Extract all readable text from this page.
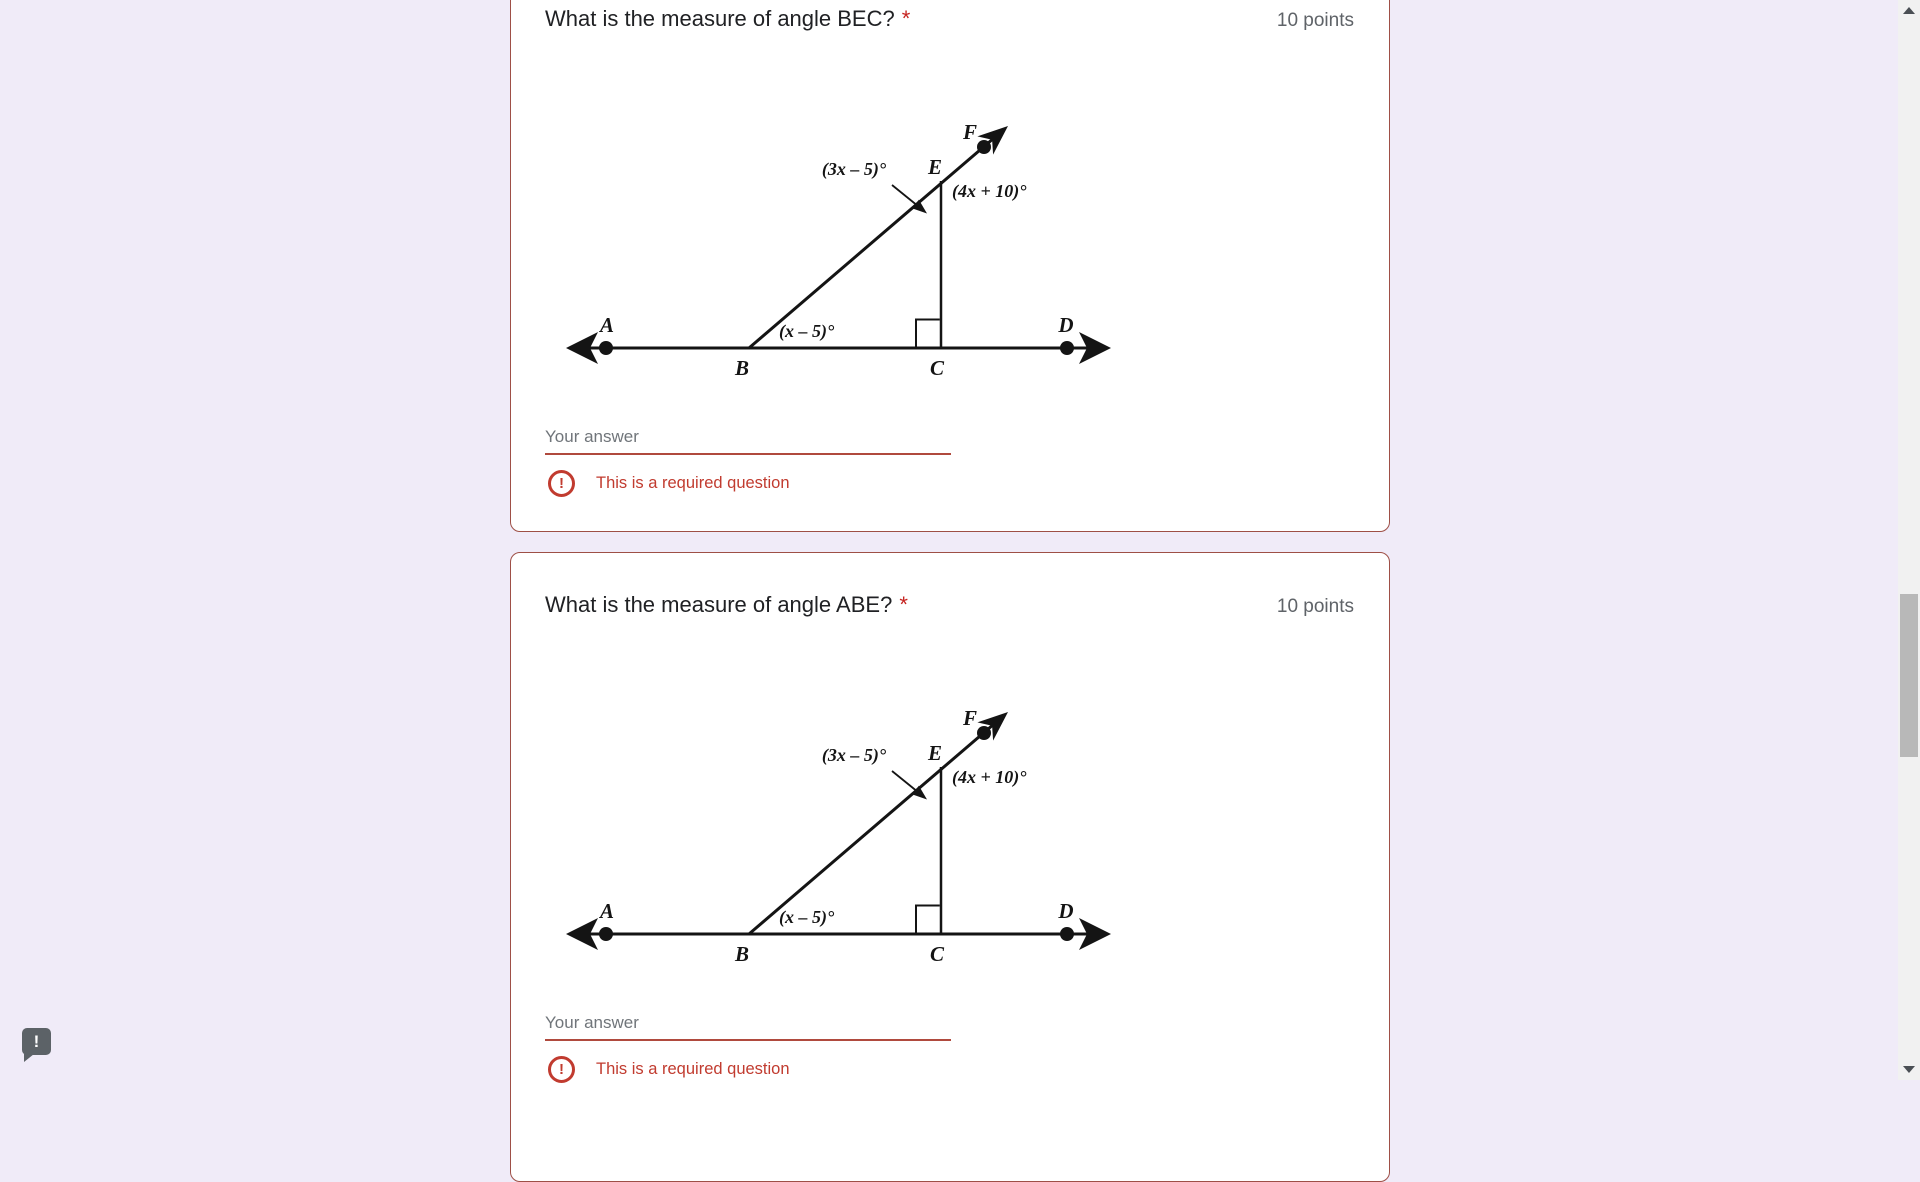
What is the measure of angle BEC? *	10 points
A
B	C
D
E
F
(3x – 5)°
(4x + 10)°
(x – 5)°
Your answer
! This is a required question
What is the measure of angle ABE? *	10 points
A
B	C
D
E
F
(3x – 5)°
(4x + 10)°
(x – 5)°
Your answer
! This is a required question
!
